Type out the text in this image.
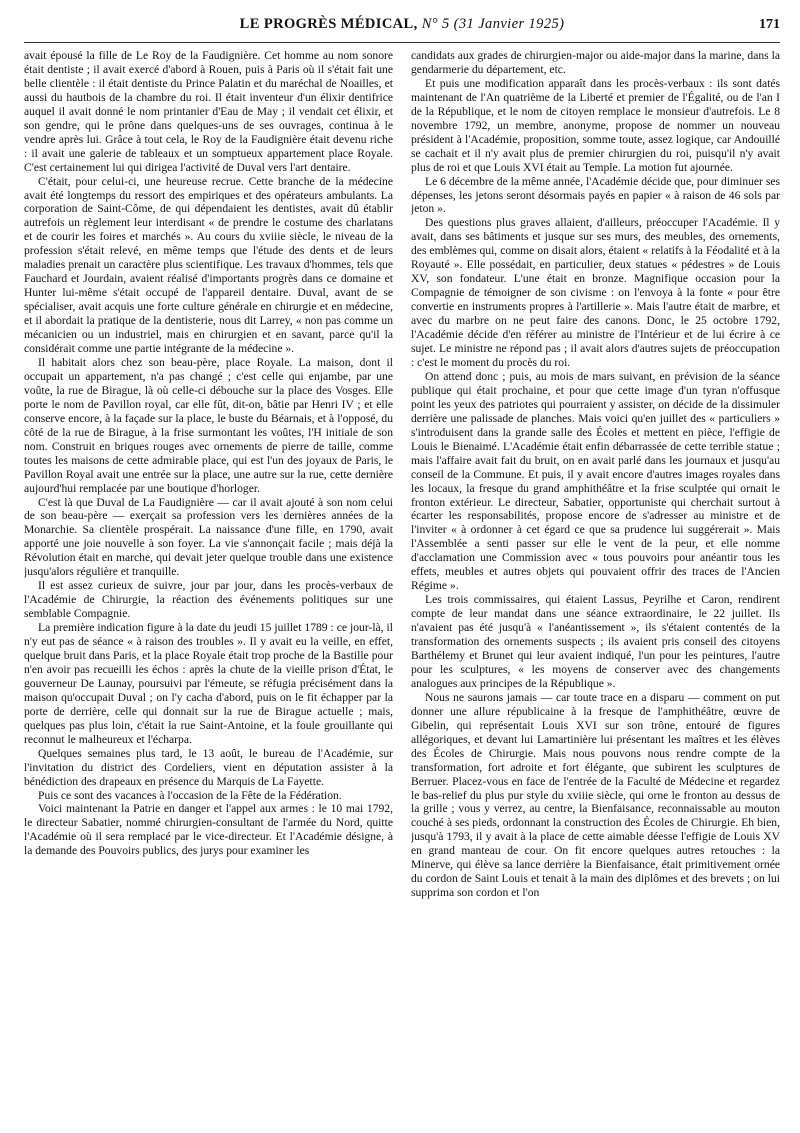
LE PROGRÈS MÉDICAL, N° 5 (31 Janvier 1925)	171

avait épousé la fille de Le Roy de la Faudignière. Cet homme au nom sonore était dentiste ; il avait exercé d'abord à Rouen, puis à Paris où il s'était fait une belle clientèle : il était dentiste du Prince Palatin et du maréchal de Noailles, et aussi du hautbois de la chambre du roi. Il était inventeur d'un élixir dentifrice auquel il avait donné le nom printanier d'Eau de May ; il vendait cet élixir, et son gendre, qui le prône dans quelques-uns de ses ouvrages, continua à le vendre après lui. Grâce à tout cela, le Roy de la Faudignière était devenu riche : il avait une galerie de tableaux et un somptueux appartement place Royale. C'est certainement lui qui dirigea l'activité de Duval vers l'art dentaire.

C'était, pour celui-ci, une heureuse recrue. Cette branche de la médecine avait été longtemps du ressort des empiriques et des opérateurs ambulants. La corporation de Saint-Côme, de qui dépendaient les dentistes, avait dû établir autrefois un règlement leur interdisant « de prendre le costume des charlatans et de courir les foires et marchés ». Au cours du xviiie siècle, le niveau de la profession s'était relevé, en même temps que l'étude des dents et de leurs maladies prenait un caractère plus scientifique. Les travaux d'hommes, tels que Fauchard et Jourdain, avaient réalisé d'importants progrès dans ce domaine et Hunter lui-même s'était occupé de l'appareil dentaire. Duval, avant de se spécialiser, avait acquis une forte culture générale en chirurgie et en médecine, et il abordait la pratique de la dentisterie, nous dit Larrey, « non pas comme un mécanicien ou un industriel, mais en chirurgien et en savant, parce qu'il la considérait comme une partie intégrante de la médecine ».

Il habitait alors chez son beau-père, place Royale. La maison, dont il occupait un appartement, n'a pas changé ; c'est celle qui enjambe, par une voûte, la rue de Birague, là où celle-ci débouche sur la place des Vosges. Elle porte le nom de Pavillon royal, car elle fût, dit-on, bâtie par Henri IV ; et elle conserve encore, à la façade sur la place, le buste du Béarnais, et à l'opposé, du côté de la rue de Birague, à la frise surmontant les voûtes, l'H initiale de son nom. Construit en briques rouges avec ornements de pierre de taille, comme toutes les maisons de cette admirable place, qui est l'un des joyaux de Paris, le Pavillon Royal avait une entrée sur la place, une autre sur la rue, cette dernière aujourd'hui remplacée par une boutique d'horloger.

C'est là que Duval de La Faudignière — car il avait ajouté à son nom celui de son beau-père — exerçait sa profession vers les dernières années de la Monarchie. Sa clientèle prospérait. La naissance d'une fille, en 1790, avait apporté une joie nouvelle à son foyer. La vie s'annonçait facile ; mais déjà la Révolution était en marche, qui devait jeter quelque trouble dans une existence jusqu'alors régulière et tranquille.

Il est assez curieux de suivre, jour par jour, dans les procès-verbaux de l'Académie de Chirurgie, la réaction des événements politiques sur une semblable Compagnie.

La première indication figure à la date du jeudi 15 juillet 1789 : ce jour-là, il n'y eut pas de séance « à raison des troubles ». Il y avait eu la veille, en effet, quelque bruit dans Paris, et la place Royale était trop proche de la Bastille pour n'en avoir pas recueilli les échos : après la chute de la vieille prison d'État, le gouverneur De Launay, poursuivi par l'émeute, se réfugia précisément dans la maison qu'occupait Duval ; on l'y cacha d'abord, puis on le fit échapper par la porte de derrière, celle qui donnait sur la rue de Birague actuelle ; mais, quelques pas plus loin, c'était la rue Saint-Antoine, et la foule grouillante qui reconnut le malheureux et l'écharpa.

Quelques semaines plus tard, le 13 août, le bureau de l'Académie, sur l'invitation du district des Cordeliers, vient en députation assister à la bénédiction des drapeaux en présence du Marquis de La Fayette.

Puis ce sont des vacances à l'occasion de la Fête de la Fédération.

Voici maintenant la Patrie en danger et l'appel aux armes : le 10 mai 1792, le directeur Sabatier, nommé chirurgien-consultant de l'armée du Nord, quitte l'Académie où il sera remplacé par le vice-directeur. Et l'Académie désigne, à la demande des Pouvoirs publics, des jurys pour examiner les

candidats aux grades de chirurgien-major ou aide-major dans la marine, dans la gendarmerie du département, etc.

Et puis une modification apparaît dans les procès-verbaux : ils sont datés maintenant de l'An quatrième de la Liberté et premier de l'Égalité, ou de l'an I de la République, et le nom de citoyen remplace le monsieur d'autrefois. Le 8 novembre 1792, un membre, anonyme, propose de nommer un nouveau président à l'Académie, proposition, somme toute, assez logique, car Andouillé se cachait et il n'y avait plus de premier chirurgien du roi, puisqu'il n'y avait plus de roi et que Louis XVI était au Temple. La motion fut ajournée.

Le 6 décembre de la même année, l'Académie décide que, pour diminuer ses dépenses, les jetons seront désormais payés en papier « à raison de 46 sols par jeton ».

Des questions plus graves allaient, d'ailleurs, préoccuper l'Académie. Il y avait, dans ses bâtiments et jusque sur ses murs, des meubles, des ornements, des emblèmes qui, comme on disait alors, étaient « relatifs à la Féodalité et à la Royauté ». Elle possédait, en particulier, deux statues « pédestres » de Louis XV, son fondateur. L'une était en bronze. Magnifique occasion pour la Compagnie de témoigner de son civisme : on l'envoya à la fonte « pour être convertie en instruments propres à l'artillerie ». Mais l'autre était de marbre, et avec du marbre on ne peut faire des canons. Donc, le 25 octobre 1792, l'Académie décide d'en référer au ministre de l'Intérieur et de lui écrire à ce sujet. Le ministre ne répond pas ; il avait alors d'autres sujets de préoccupation : c'est le moment du procès du roi.

On attend donc ; puis, au mois de mars suivant, en prévision de la séance publique qui était prochaine, et pour que cette image d'un tyran n'offusque point les yeux des patriotes qui pourraient y assister, on décide de la dissimuler derrière une palissade de planches. Mais voici qu'en juillet des « particuliers » s'introduisent dans la grande salle des Écoles et mettent en pièce, l'effigie de Louis le Bienaimé. L'Académie était enfin débarrassée de cette terrible statue ; mais l'affaire avait fait du bruit, on en avait parlé dans les journaux et jusqu'au conseil de la Commune. Et puis, il y avait encore d'autres images royales dans les locaux, la fresque du grand amphithéâtre et la frise sculptée qui ornait le fronton extérieur. Le directeur, Sabatier, opportuniste qui cherchait surtout à écarter les responsabilités, propose encore de s'adresser au ministre et de l'inviter « à ordonner à cet égard ce que sa prudence lui suggérerait ». Mais l'Assemblée a senti passer sur elle le vent de la peur, et elle nomme d'acclamation une Commission avec « tous pouvoirs pour anéantir tous les effets, meubles et autres objets qui pouvaient offrir des traces de l'Ancien Régime ».

Les trois commissaires, qui étaient Lassus, Peyrilhe et Caron, rendirent compte de leur mandat dans une séance extraordinaire, le 22 juillet. Ils n'avaient pas été jusqu'à « l'anéantissement », ils s'étaient contentés de la transformation des ornements suspects ; ils avaient pris conseil des citoyens Barthélemy et Brunet qui leur avaient indiqué, l'un pour les peintures, l'autre pour les sculptures, « les moyens de conserver avec des changements analogues aux principes de la République ».

Nous ne saurons jamais — car toute trace en a disparu — comment on put donner une allure républicaine à la fresque de l'amphithéâtre, œuvre de Gibelin, qui représentait Louis XVI sur son trône, entouré de figures allégoriques, et devant lui Lamartinière lui présentant les maîtres et les élèves des Écoles de Chirurgie. Mais nous pouvons nous rendre compte de la transformation, fort adroite et fort élégante, que subirent les sculptures de Berruer. Placez-vous en face de l'entrée de la Faculté de Médecine et regardez le bas-relief du plus pur style du xviiie siècle, qui orne le fronton au dessus de la grille ; vous y verrez, au centre, la Bienfaisance, reconnaissable au mouton couché à ses pieds, ordonnant la construction des Écoles de Chirurgie. Eh bien, jusqu'à 1793, il y avait à la place de cette aimable déesse l'effigie de Louis XV en grand manteau de cour. On fit encore quelques autres retouches : la Minerve, qui élève sa lance derrière la Bienfaisance, était primitivement ornée du cordon de Saint Louis et tenait à la main des diplômes et des brevets ; on lui supprima son cordon et l'on
